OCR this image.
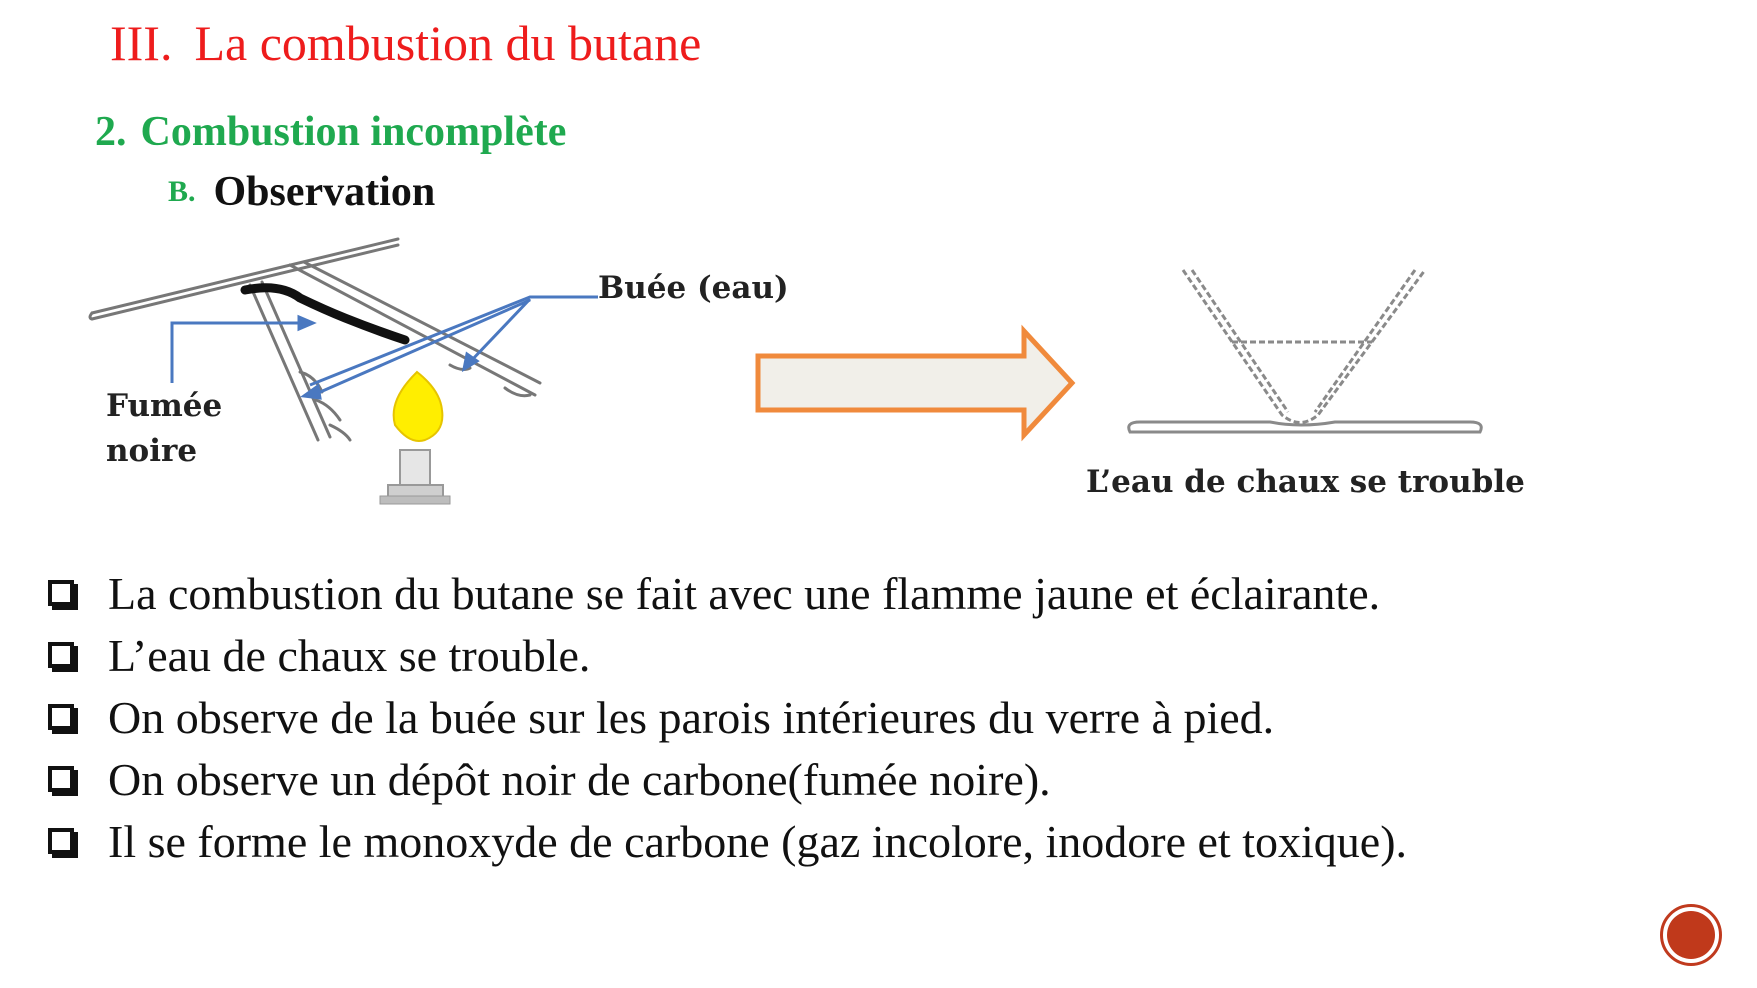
III. La combustion du butane
2. Combustion incomplète
B. Observation
Buée (eau)
Fumée
noire
L’eau de chaux se trouble
La combustion du butane se fait avec une flamme jaune et éclairante.
L’eau de chaux se trouble.
On observe de la buée sur les parois intérieures du verre à pied.
On observe un dépôt noir de carbone(fumée noire).
Il se forme le monoxyde de carbone (gaz incolore, inodore et toxique).
